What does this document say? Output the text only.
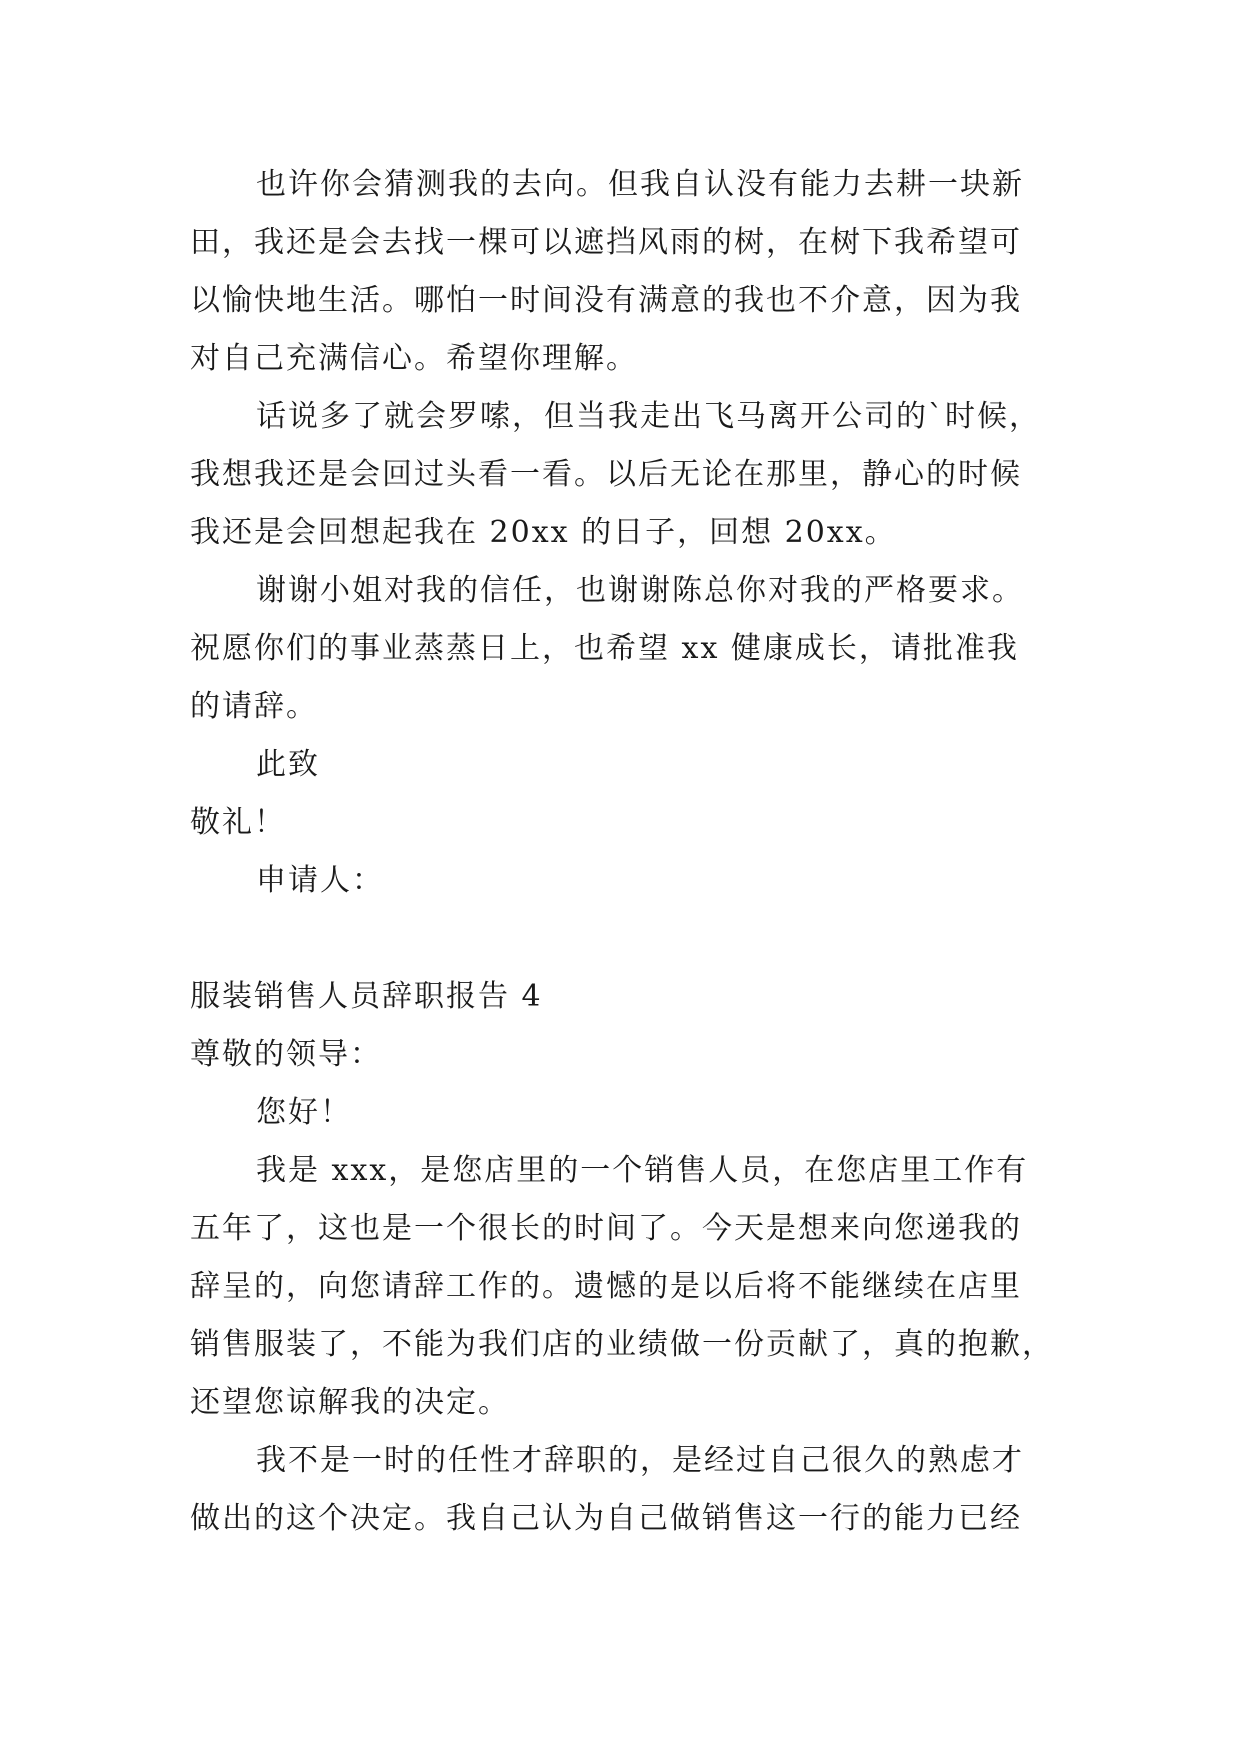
也许你会猜测我的去向。但我自认没有能力去耕一块新

田，我还是会去找一棵可以遮挡风雨的树，在树下我希望可

以愉快地生活。哪怕一时间没有满意的我也不介意，因为我

对自己充满信心。希望你理解。

话说多了就会罗嗦，但当我走出飞马离开公司的`时候，

我想我还是会回过头看一看。以后无论在那里，静心的时候

我还是会回想起我在 20xx 的日子，回想 20xx。

谢谢小姐对我的信任，也谢谢陈总你对我的严格要求。

祝愿你们的事业蒸蒸日上，也希望 xx 健康成长，请批准我

的请辞。

此致

敬礼！

申请人：

服装销售人员辞职报告 4

尊敬的领导：

您好！

我是 xxx，是您店里的一个销售人员，在您店里工作有

五年了，这也是一个很长的时间了。今天是想来向您递我的

辞呈的，向您请辞工作的。遗憾的是以后将不能继续在店里

销售服装了，不能为我们店的业绩做一份贡献了，真的抱歉，

还望您谅解我的决定。

我不是一时的任性才辞职的，是经过自己很久的熟虑才

做出的这个决定。我自己认为自己做销售这一行的能力已经
